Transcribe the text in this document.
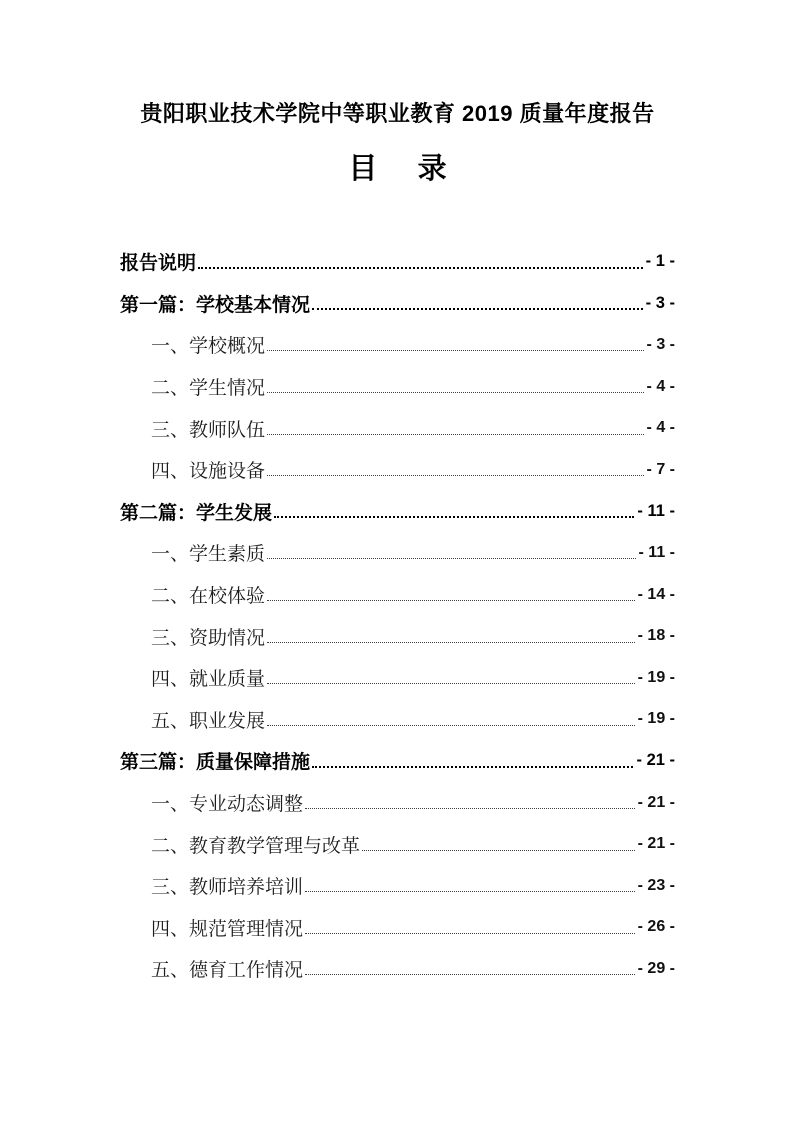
贵阳职业技术学院中等职业教育 2019 质量年度报告
目     录
报告说明	- 1 -
第一篇：学校基本情况	- 3 -
一、学校概况	- 3 -
二、学生情况	- 4 -
三、教师队伍	- 4 -
四、设施设备	- 7 -
第二篇：学生发展	- 11 -
一、学生素质	- 11 -
二、在校体验	- 14 -
三、资助情况	- 18 -
四、就业质量	- 19 -
五、职业发展	- 19 -
第三篇：质量保障措施	- 21 -
一、专业动态调整	- 21 -
二、教育教学管理与改革	- 21 -
三、教师培养培训	- 23 -
四、规范管理情况	- 26 -
五、德育工作情况	- 29 -
